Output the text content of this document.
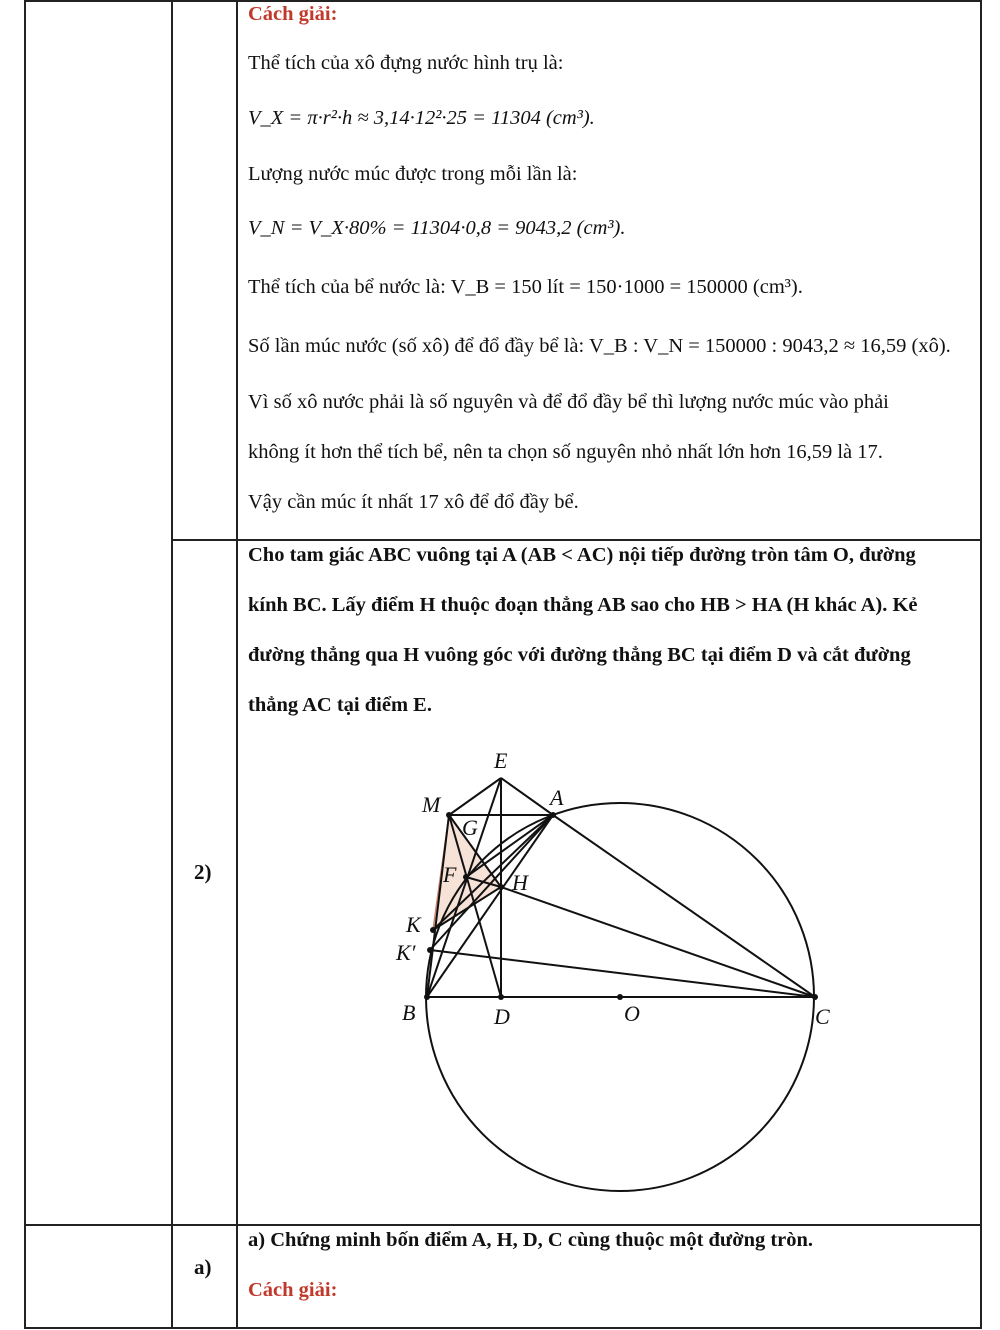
Cách giải:
Thể tích của xô đựng nước hình trụ là:
V_X = π·r²·h ≈ 3,14·12²·25 = 11304 (cm³).
Lượng nước múc được trong mỗi lần là:
V_N = V_X·80% = 11304·0,8 = 9043,2 (cm³).
Thể tích của bể nước là: V_B = 150 lít = 150·1000 = 150000 (cm³).
Số lần múc nước (số xô) để đổ đầy bể là: V_B : V_N = 150000 : 9043,2 ≈ 16,59 (xô).
Vì số xô nước phải là số nguyên và để đổ đầy bể thì lượng nước múc vào phải
không ít hơn thể tích bể, nên ta chọn số nguyên nhỏ nhất lớn hơn 16,59 là 17.
Vậy cần múc ít nhất 17 xô để đổ đầy bể.
2)
Cho tam giác ABC vuông tại A (AB < AC) nội tiếp đường tròn tâm O, đường
kính BC. Lấy điểm H thuộc đoạn thẳng AB sao cho HB > HA (H khác A). Kẻ
đường thẳng qua H vuông góc với đường thẳng BC tại điểm D và cắt đường
thẳng AC tại điểm E.
E
M	A
G
F	H
K
K′
B	D	O	C
a)
a) Chứng minh bốn điểm A, H, D, C cùng thuộc một đường tròn.
Cách giải:
